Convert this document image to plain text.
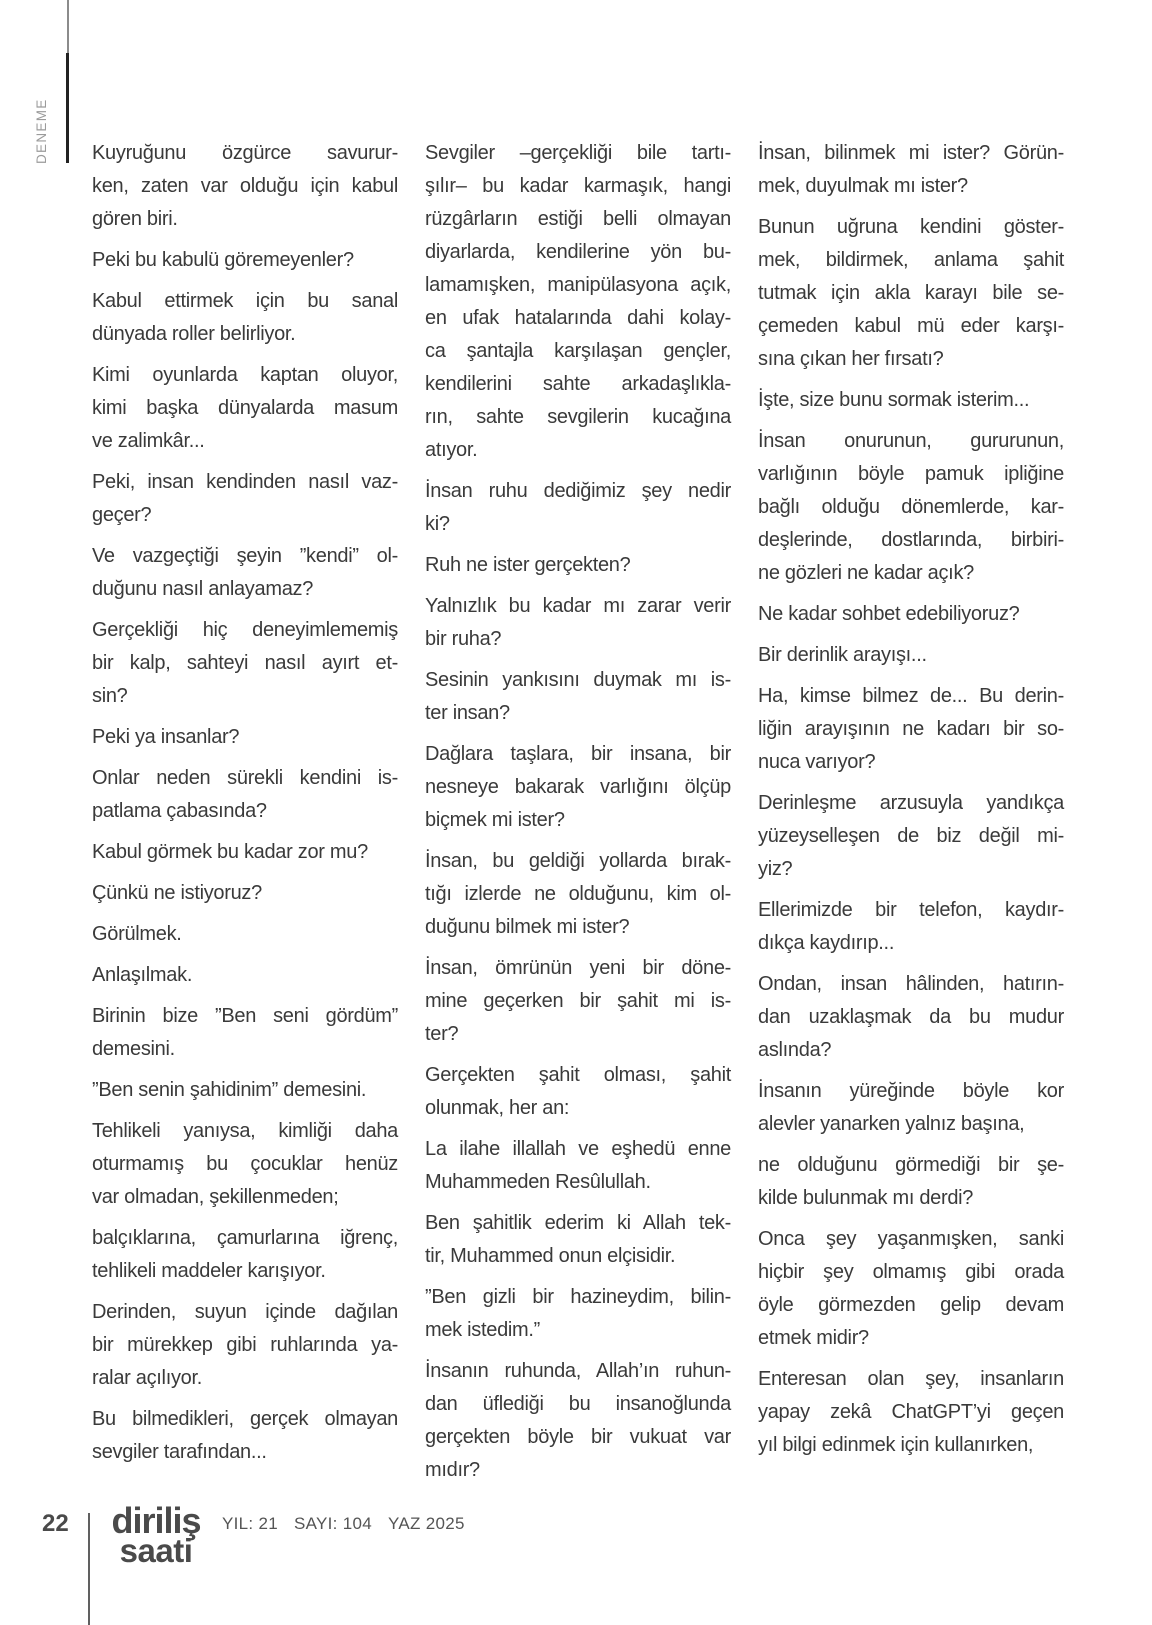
DENEME Kuyruğunu özgürce savurur-
ken, zaten var olduğu için kabul
gören biri.
Peki bu kabulü göremeyenler?
Kabul ettirmek için bu sanal
dünyada roller belirliyor.
Kimi oyunlarda kaptan oluyor,
kimi başka dünyalarda masum
ve zalimkâr...
Peki, insan kendinden nasıl vaz-
geçer?
Ve vazgeçtiği şeyin ”kendi” ol-
duğunu nasıl anlayamaz?
Gerçekliği hiç deneyimlememiş
bir kalp, sahteyi nasıl ayırt et-
sin?
Peki ya insanlar?
Onlar neden sürekli kendini is-
patlama çabasında?
Kabul görmek bu kadar zor mu?
Çünkü ne istiyoruz?
Görülmek.
Anlaşılmak.
Birinin bize ”Ben seni gördüm”
demesini.
”Ben senin şahidinim” demesini.
Tehlikeli yanıysa, kimliği daha
oturmamış bu çocuklar henüz
var olmadan, şekillenmeden;
balçıklarına, çamurlarına iğrenç,
tehlikeli maddeler karışıyor.
Derinden, suyun içinde dağılan
bir mürekkep gibi ruhlarında ya-
ralar açılıyor.
Bu bilmedikleri, gerçek olmayan
sevgiler tarafından...
Sevgiler –gerçekliği bile tartı-
şılır– bu kadar karmaşık, hangi
rüzgârların estiği belli olmayan
diyarlarda, kendilerine yön bu-
lamamışken, manipülasyona açık,
en ufak hatalarında dahi kolay-
ca şantajla karşılaşan gençler,
kendilerini sahte arkadaşlıkla-
rın, sahte sevgilerin kucağına
atıyor.
İnsan ruhu dediğimiz şey nedir
ki?
Ruh ne ister gerçekten?
Yalnızlık bu kadar mı zarar verir
bir ruha?
Sesinin yankısını duymak mı is-
ter insan?
Dağlara taşlara, bir insana, bir
nesneye bakarak varlığını ölçüp
biçmek mi ister?
İnsan, bu geldiği yollarda bırak-
tığı izlerde ne olduğunu, kim ol-
duğunu bilmek mi ister?
İnsan, ömrünün yeni bir döne-
mine geçerken bir şahit mi is-
ter?
Gerçekten şahit olması, şahit
olunmak, her an:
La ilahe illallah ve eşhedü enne
Muhammeden Resûlullah.
Ben şahitlik ederim ki Allah tek-
tir, Muhammed onun elçisidir.
”Ben gizli bir hazineydim, bilin-
mek istedim.”
İnsanın ruhunda, Allah’ın ruhun-
dan üflediği bu insanoğlunda
gerçekten böyle bir vukuat var
mıdır?
İnsan, bilinmek mi ister? Görün-
mek, duyulmak mı ister?
Bunun uğruna kendini göster-
mek, bildirmek, anlama şahit
tutmak için akla karayı bile se-
çemeden kabul mü eder karşı-
sına çıkan her fırsatı?
İşte, size bunu sormak isterim...
İnsan onurunun, gururunun,
varlığının böyle pamuk ipliğine
bağlı olduğu dönemlerde, kar-
deşlerinde, dostlarında, birbiri-
ne gözleri ne kadar açık?
Ne kadar sohbet edebiliyoruz?
Bir derinlik arayışı...
Ha, kimse bilmez de... Bu derin-
liğin arayışının ne kadarı bir so-
nuca varıyor?
Derinleşme arzusuyla yandıkça
yüzeyselleşen de biz değil mi-
yiz?
Ellerimizde bir telefon, kaydır-
dıkça kaydırıp...
Ondan, insan hâlinden, hatırın-
dan uzaklaşmak da bu mudur
aslında?
İnsanın yüreğinde böyle kor
alevler yanarken yalnız başına,
ne olduğunu görmediği bir şe-
kilde bulunmak mı derdi?
Onca şey yaşanmışken, sanki
hiçbir şey olmamış gibi orada
öyle görmezden gelip devam
etmek midir?
Enteresan olan şey, insanların
yapay zekâ ChatGPT’yi geçen
yıl bilgi edinmek için kullanırken,
22 diriliş
saati
YIL: 21 SAYI: 104 YAZ 2025
